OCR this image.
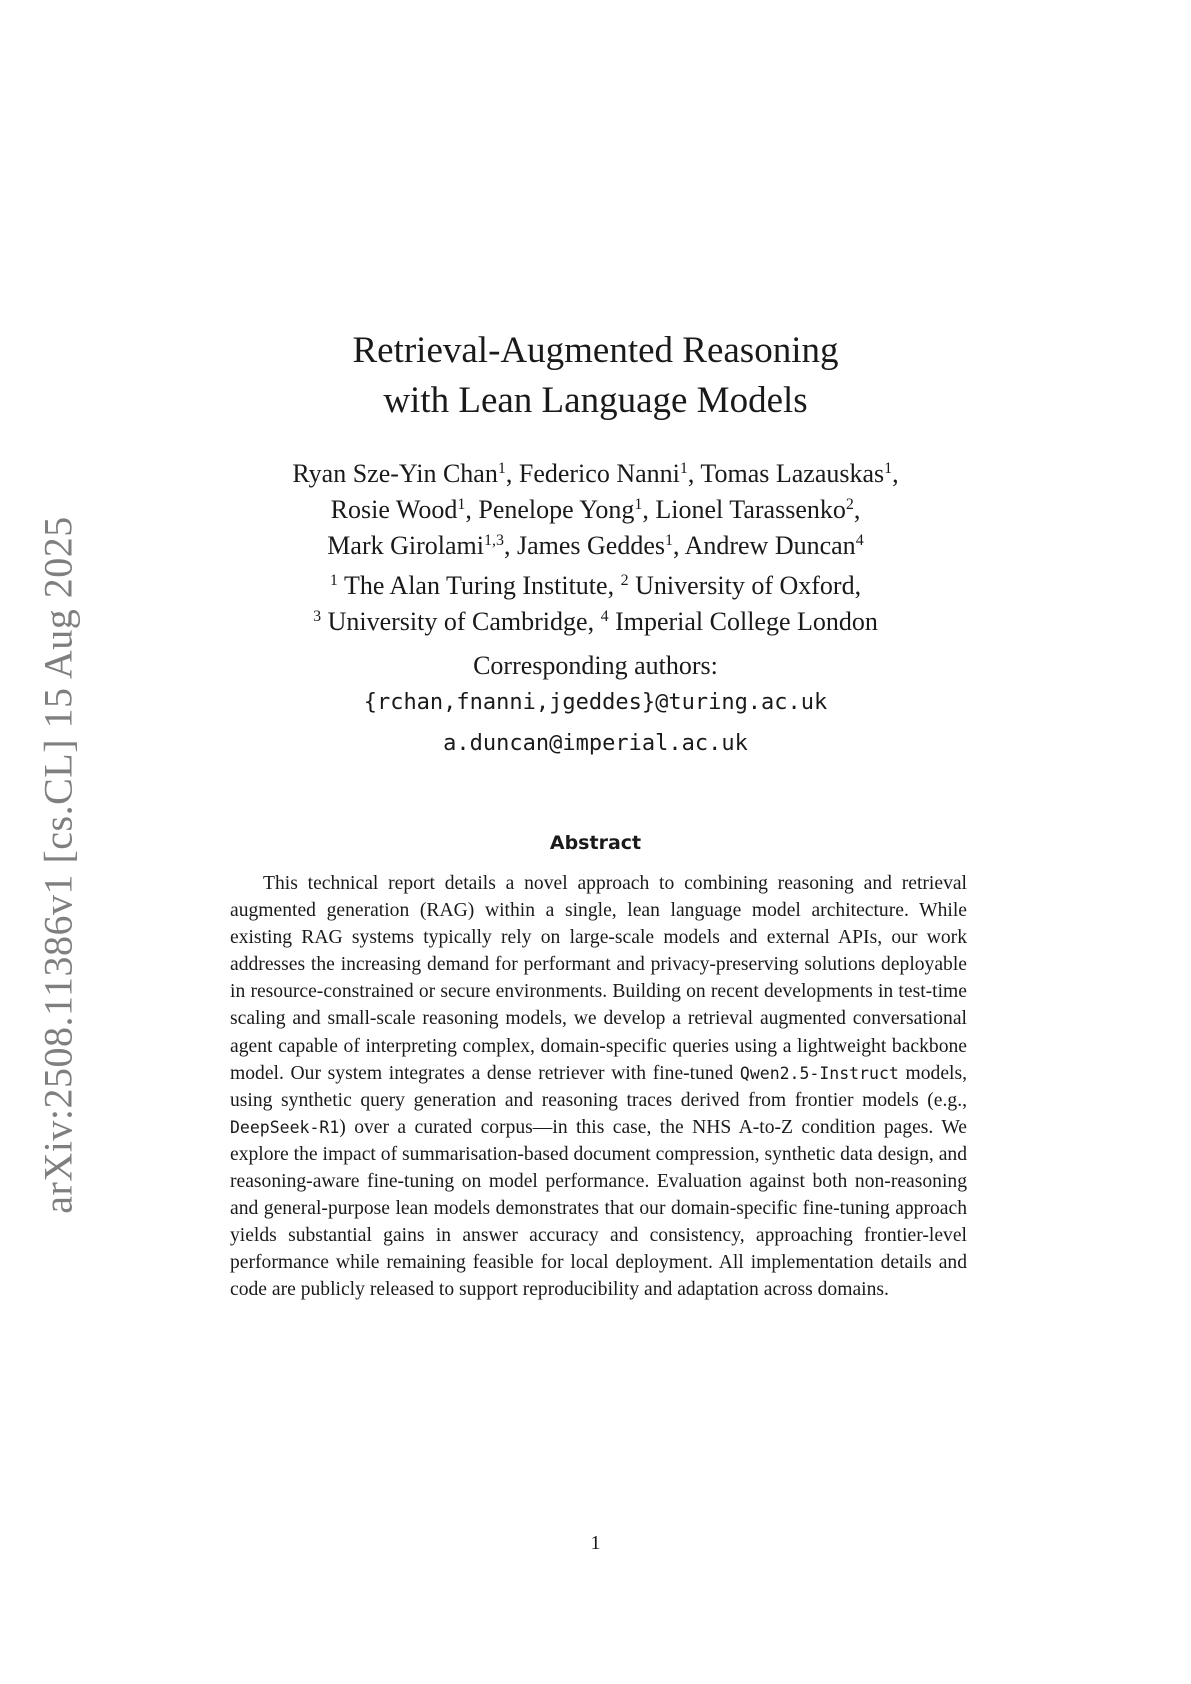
arXiv:2508.11386v1 [cs.CL] 15 Aug 2025
Retrieval-Augmented Reasoning
with Lean Language Models
Ryan Sze-Yin Chan$^1$, Federico Nanni$^1$, Tomas Lazauskas$^1$,
Rosie Wood$^1$, Penelope Yong$^1$, Lionel Tarassenko$^2$,
Mark Girolami$^{1,3}$, James Geddes$^1$, Andrew Duncan$^4$
$^1$ The Alan Turing Institute, $^2$ University of Oxford,
$^3$ University of Cambridge, $^4$ Imperial College London
Corresponding authors:
{rchan,fnanni,jgeddes}@turing.ac.uk
a.duncan@imperial.ac.uk
Abstract

This technical report details a novel approach to combining reasoning and retrieval augmented generation (RAG) within a single, lean language model architecture. While existing RAG systems typically rely on large-scale models and external APIs, our work addresses the increasing demand for performant and privacy-preserving solutions deployable in resource-constrained or secure environments. Building on recent developments in test-time scaling and small-scale reasoning models, we develop a retrieval augmented conversational agent capable of interpreting complex, domain-specific queries using a lightweight backbone model. Our system integrates a dense retriever with fine-tuned Qwen2.5-Instruct models, using synthetic query generation and reasoning traces derived from frontier models (e.g., DeepSeek-R1) over a curated corpus—in this case, the NHS A-to-Z condition pages. We explore the impact of summarisation-based document compression, synthetic data design, and reasoning-aware fine-tuning on model performance. Evaluation against both non-reasoning and general-purpose lean models demonstrates that our domain-specific fine-tuning approach yields substantial gains in answer accuracy and consistency, approaching frontier-level performance while remaining feasible for local deployment. All implementation details and code are publicly released to support reproducibility and adaptation across domains.

1
